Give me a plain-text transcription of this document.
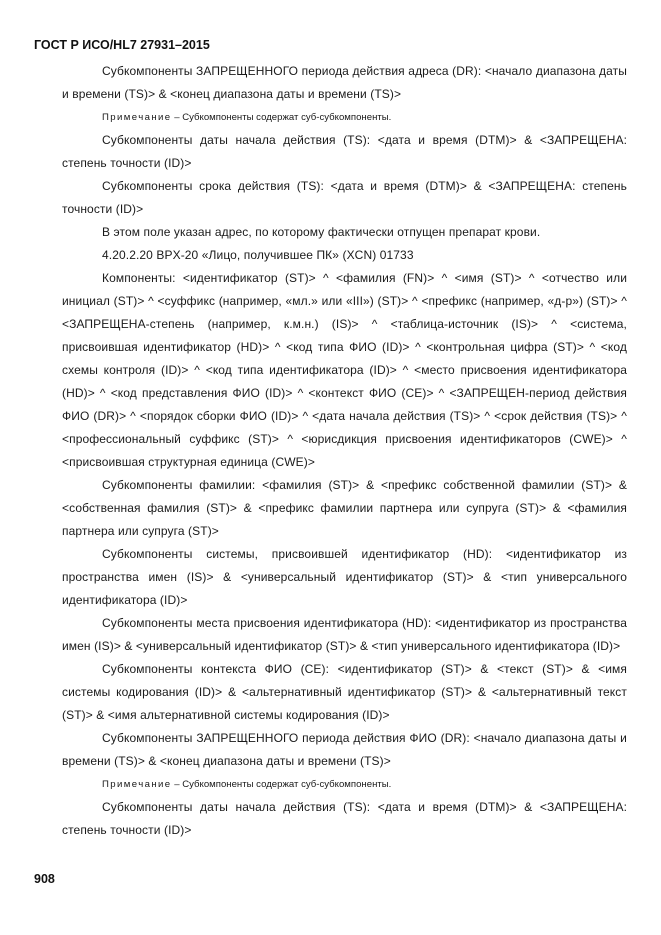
ГОСТ Р ИСО/HL7 27931–2015

Субкомпоненты ЗАПРЕЩЕННОГО периода действия адреса (DR): <начало диапазона даты и времени (TS)> & <конец диапазона даты и времени (TS)>

Примечание – Субкомпоненты содержат суб-субкомпоненты.

Субкомпоненты даты начала действия (TS): <дата и время (DTM)> & <ЗАПРЕЩЕНА: степень точности (ID)>

Субкомпоненты срока действия (TS): <дата и время (DTM)> & <ЗАПРЕЩЕНА: степень точности (ID)>

В этом поле указан адрес, по которому фактически отпущен препарат крови.

4.20.2.20 BPX-20 «Лицо, получившее ПК» (XCN) 01733

Компоненты: <идентификатор (ST)> ^ <фамилия (FN)> ^ <имя (ST)> ^ <отчество или инициал (ST)> ^ <суффикс (например, «мл.» или «III») (ST)> ^ <префикс (например, «д-р») (ST)> ^ <ЗАПРЕЩЕНА-степень (например, к.м.н.) (IS)> ^ <таблица-источник (IS)> ^ <система, присвоившая идентификатор (HD)> ^ <код типа ФИО (ID)> ^ <контрольная цифра (ST)> ^ <код схемы контроля (ID)> ^ <код типа идентификатора (ID)> ^ <место присвоения идентификатора (HD)> ^ <код представления ФИО (ID)> ^ <контекст ФИО (CE)> ^ <ЗАПРЕЩЕН-период действия ФИО (DR)> ^ <порядок сборки ФИО (ID)> ^ <дата начала действия (TS)> ^ <срок действия (TS)> ^ <профессиональный суффикс (ST)> ^ <юрисдикция присвоения идентификаторов (CWE)> ^ <присвоившая структурная единица (CWE)>

Субкомпоненты фамилии: <фамилия (ST)> & <префикс собственной фамилии (ST)> & <собственная фамилия (ST)> & <префикс фамилии партнера или супруга (ST)> & <фамилия партнера или супруга (ST)>

Субкомпоненты системы, присвоившей идентификатор (HD): <идентификатор из пространства имен (IS)> & <универсальный идентификатор (ST)> & <тип универсального идентификатора (ID)>

Субкомпоненты места присвоения идентификатора (HD): <идентификатор из пространства имен (IS)> & <универсальный идентификатор (ST)> & <тип универсального идентификатора (ID)>

Субкомпоненты контекста ФИО (CE): <идентификатор (ST)> & <текст (ST)> & <имя системы кодирования (ID)> & <альтернативный идентификатор (ST)> & <альтернативный текст (ST)> & <имя альтернативной системы кодирования (ID)>

Субкомпоненты ЗАПРЕЩЕННОГО периода действия ФИО (DR): <начало диапазона даты и времени (TS)> & <конец диапазона даты и времени (TS)>

Примечание – Субкомпоненты содержат суб-субкомпоненты.

Субкомпоненты даты начала действия (TS): <дата и время (DTM)> & <ЗАПРЕЩЕНА: степень точности (ID)>

908
